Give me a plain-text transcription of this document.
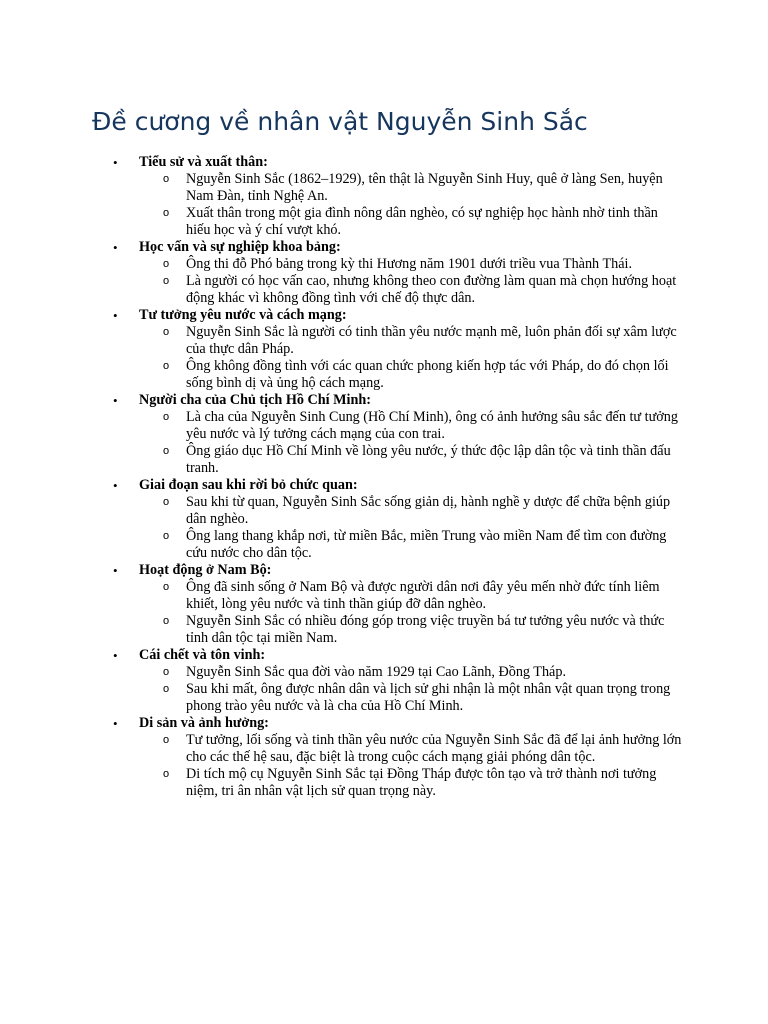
Đề cương về nhân vật Nguyễn Sinh Sắc
•	Tiểu sử và xuất thân:
o Nguyễn Sinh Sắc (1862–1929), tên thật là Nguyễn Sinh Huy, quê ở làng Sen, huyện Nam Đàn, tỉnh Nghệ An.
o Xuất thân trong một gia đình nông dân nghèo, có sự nghiệp học hành nhờ tinh thần hiếu học và ý chí vượt khó.
•	Học vấn và sự nghiệp khoa bảng:
o Ông thi đỗ Phó bảng trong kỳ thi Hương năm 1901 dưới triều vua Thành Thái.
o Là người có học vấn cao, nhưng không theo con đường làm quan mà chọn hướng hoạt động khác vì không đồng tình với chế độ thực dân.
•	Tư tưởng yêu nước và cách mạng:
o Nguyễn Sinh Sắc là người có tinh thần yêu nước mạnh mẽ, luôn phản đối sự xâm lược của thực dân Pháp.
o Ông không đồng tình với các quan chức phong kiến hợp tác với Pháp, do đó chọn lối sống bình dị và ủng hộ cách mạng.
•	Người cha của Chủ tịch Hồ Chí Minh:
o Là cha của Nguyễn Sinh Cung (Hồ Chí Minh), ông có ảnh hưởng sâu sắc đến tư tưởng yêu nước và lý tưởng cách mạng của con trai.
o Ông giáo dục Hồ Chí Minh về lòng yêu nước, ý thức độc lập dân tộc và tinh thần đấu tranh.
•	Giai đoạn sau khi rời bỏ chức quan:
o Sau khi từ quan, Nguyễn Sinh Sắc sống giản dị, hành nghề y dược để chữa bệnh giúp dân nghèo.
o Ông lang thang khắp nơi, từ miền Bắc, miền Trung vào miền Nam để tìm con đường cứu nước cho dân tộc.
•	Hoạt động ở Nam Bộ:
o Ông đã sinh sống ở Nam Bộ và được người dân nơi đây yêu mến nhờ đức tính liêm khiết, lòng yêu nước và tinh thần giúp đỡ dân nghèo.
o Nguyễn Sinh Sắc có nhiều đóng góp trong việc truyền bá tư tưởng yêu nước và thức tỉnh dân tộc tại miền Nam.
•	Cái chết và tôn vinh:
o Nguyễn Sinh Sắc qua đời vào năm 1929 tại Cao Lãnh, Đồng Tháp.
o Sau khi mất, ông được nhân dân và lịch sử ghi nhận là một nhân vật quan trọng trong phong trào yêu nước và là cha của Hồ Chí Minh.
•	Di sản và ảnh hưởng:
o Tư tưởng, lối sống và tinh thần yêu nước của Nguyễn Sinh Sắc đã để lại ảnh hưởng lớn cho các thế hệ sau, đặc biệt là trong cuộc cách mạng giải phóng dân tộc.
o Di tích mộ cụ Nguyễn Sinh Sắc tại Đồng Tháp được tôn tạo và trở thành nơi tưởng niệm, tri ân nhân vật lịch sử quan trọng này.
